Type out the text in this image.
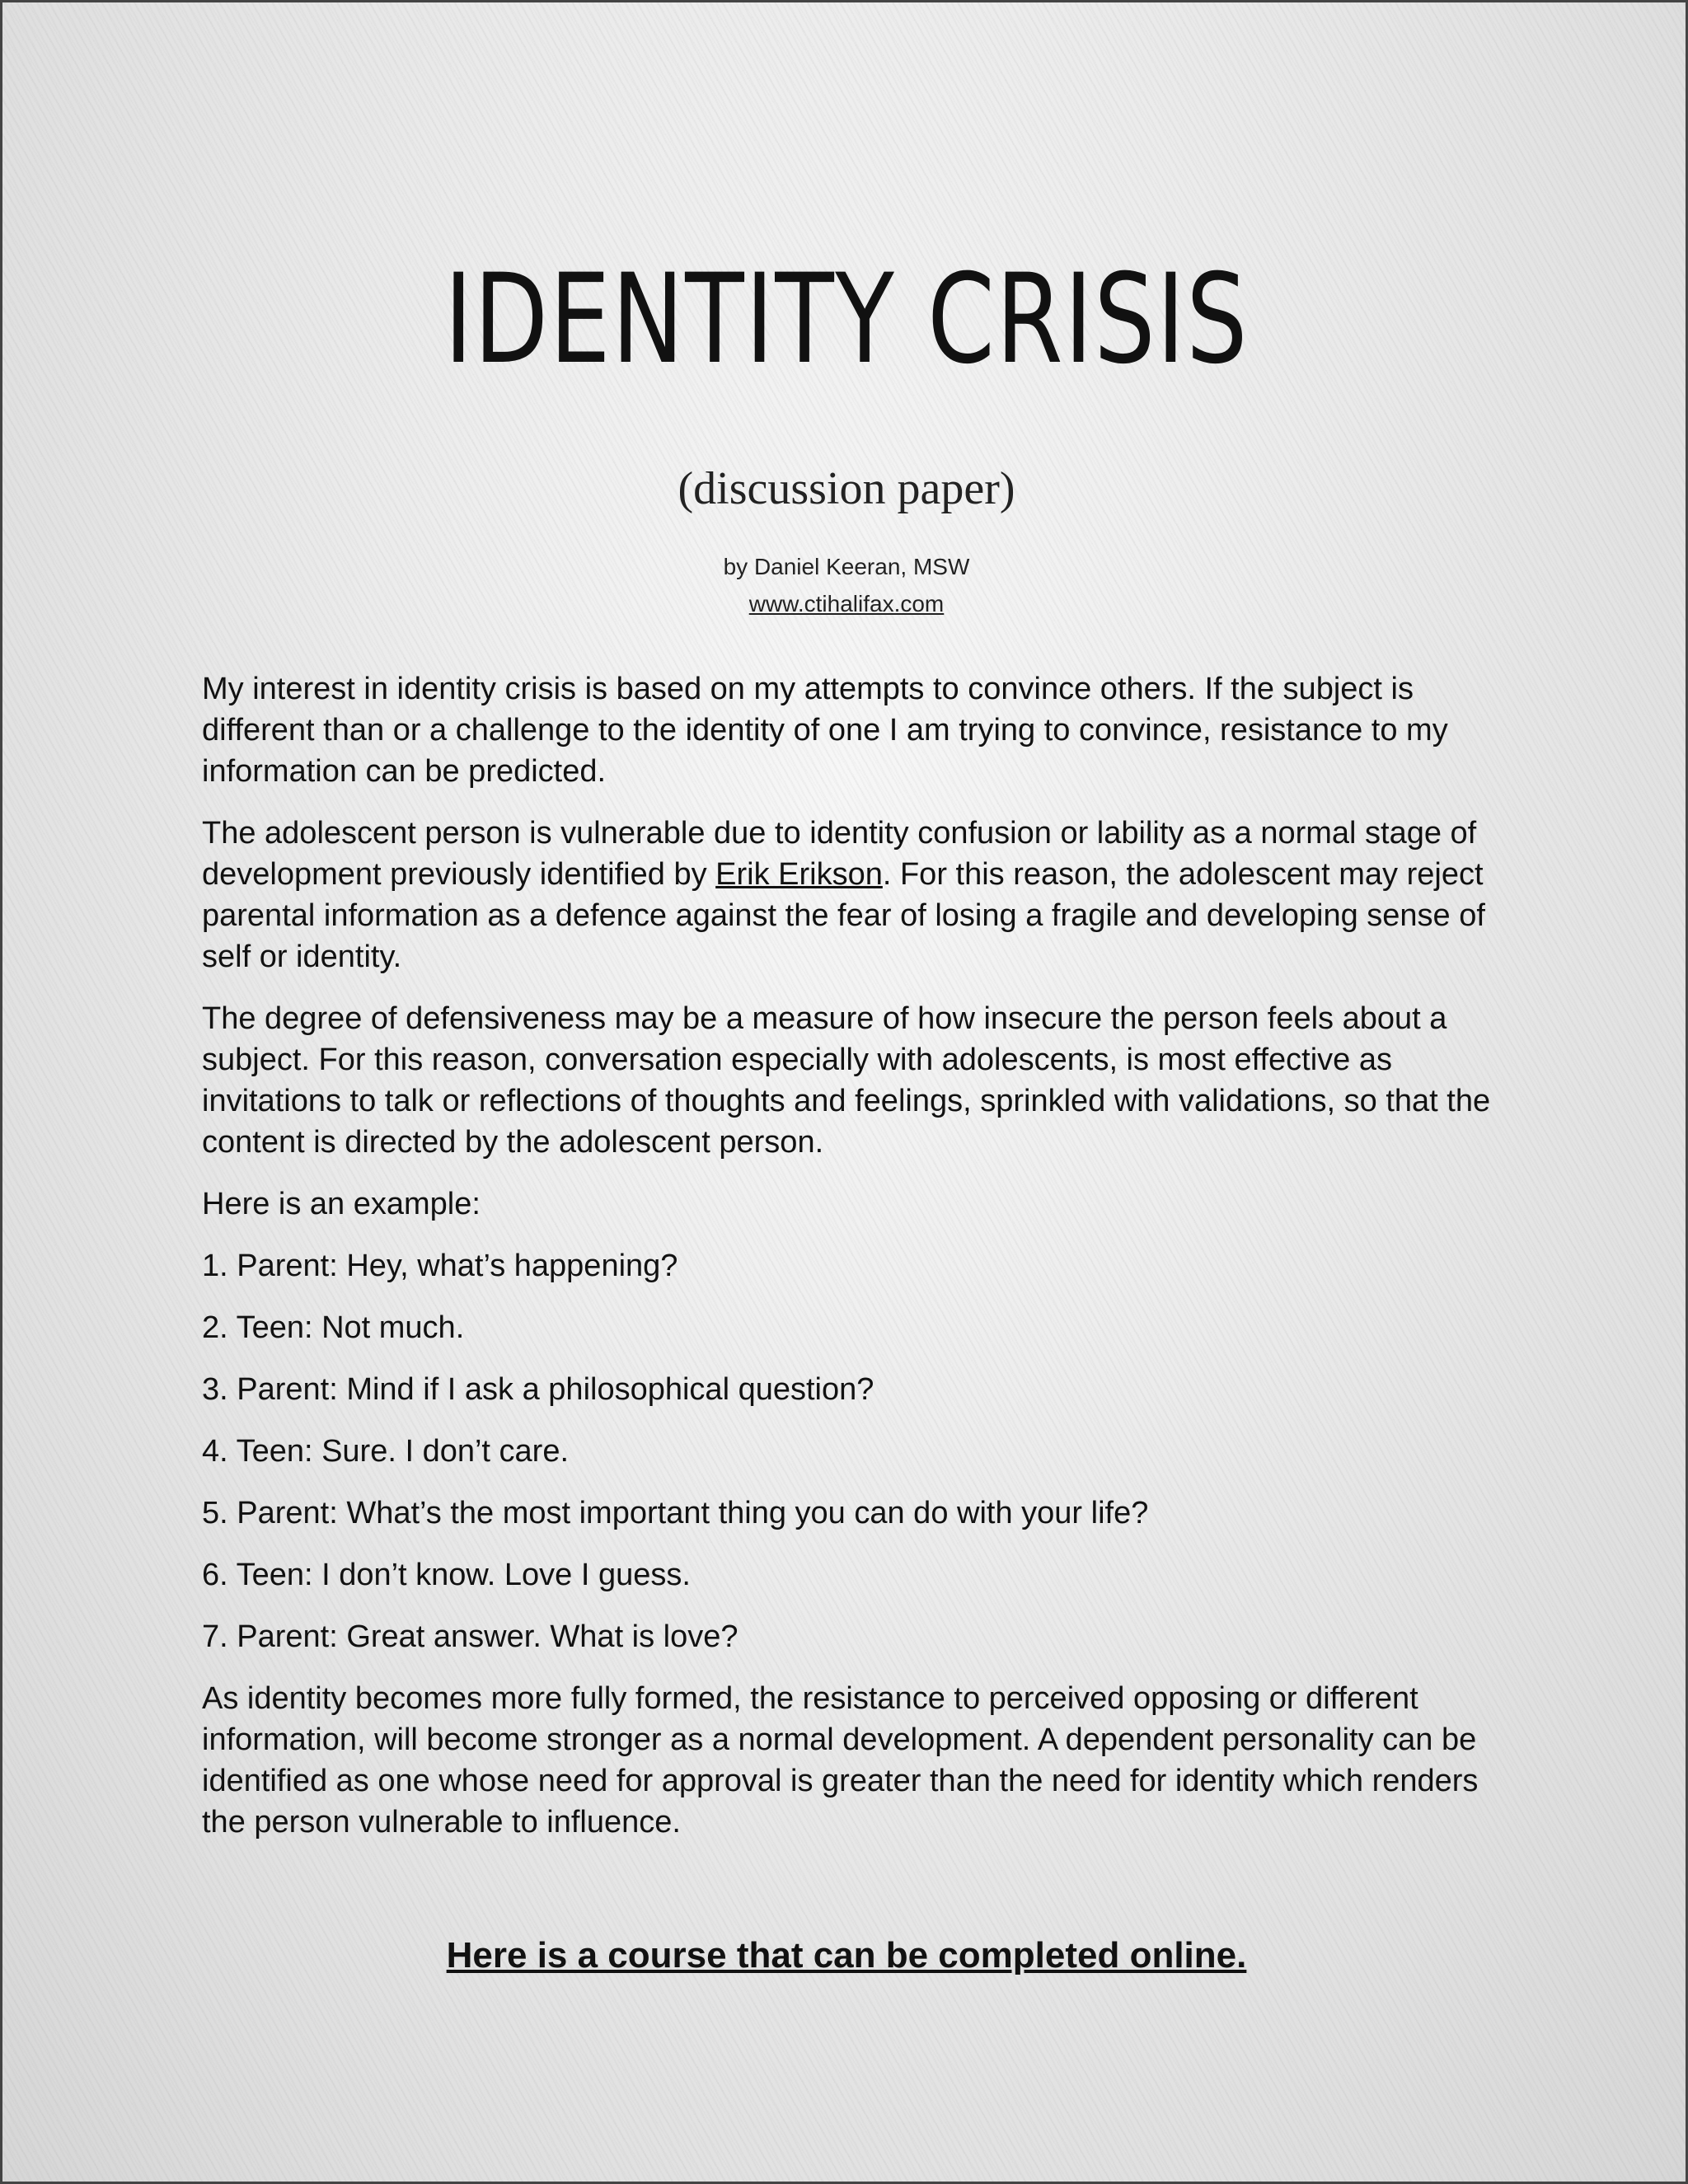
IDENTITY CRISIS
(discussion paper)
by Daniel Keeran, MSW
www.ctihalifax.com

My interest in identity crisis is based on my attempts to convince others. If the subject is different than or a challenge to the identity of one I am trying to convince, resistance to my information can be predicted.

The adolescent person is vulnerable due to identity confusion or lability as a normal stage of development previously identified by Erik Erikson. For this reason, the adolescent may reject parental information as a defence against the fear of losing a fragile and developing sense of self or identity.

The degree of defensiveness may be a measure of how insecure the person feels about a subject. For this reason, conversation especially with adolescents, is most effective as invitations to talk or reflections of thoughts and feelings, sprinkled with validations, so that the content is directed by the adolescent person.

Here is an example:

1. Parent: Hey, what’s happening?
2. Teen: Not much.
3. Parent: Mind if I ask a philosophical question?
4. Teen: Sure. I don’t care.
5. Parent: What’s the most important thing you can do with your life?
6. Teen: I don’t know. Love I guess.
7. Parent: Great answer. What is love?

As identity becomes more fully formed, the resistance to perceived opposing or different information, will become stronger as a normal development. A dependent personality can be identified as one whose need for approval is greater than the need for identity which renders the person vulnerable to influence.

Here is a course that can be completed online.
